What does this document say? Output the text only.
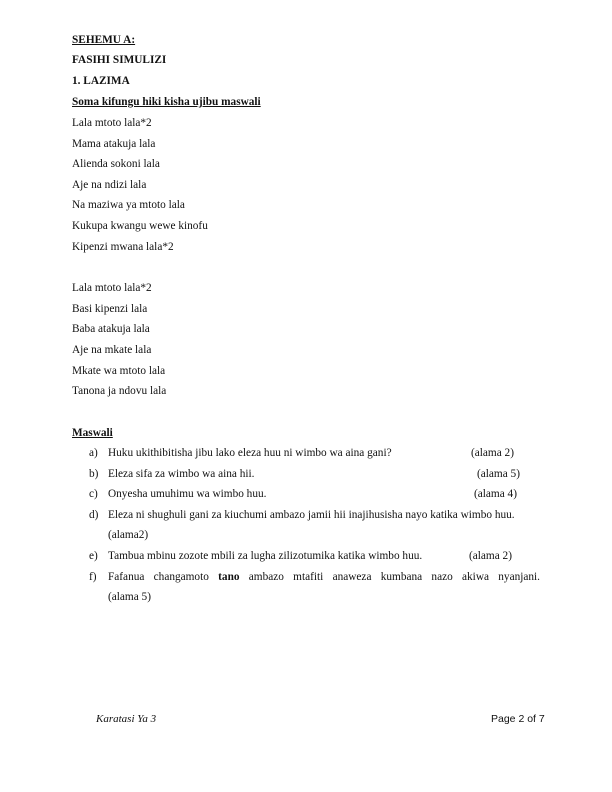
SEHEMU A:
FASIHI SIMULIZI
1. LAZIMA
Soma kifungu hiki kisha ujibu maswali
Lala mtoto lala*2
Mama atakuja lala
Alienda sokoni lala
Aje na ndizi lala
Na maziwa ya mtoto lala
Kukupa kwangu wewe kinofu
Kipenzi mwana lala*2
Lala mtoto lala*2
Basi kipenzi lala
Baba atakuja lala
Aje na mkate lala
Mkate wa mtoto lala
Tanona ja ndovu lala
Maswali
a) Huku ukithibitisha jibu lako eleza huu ni wimbo wa aina gani?	(alama 2)
b) Eleza sifa za wimbo wa aina hii.	(alama 5)
c) Onyesha umuhimu wa wimbo huu.	(alama 4)
d) Eleza ni shughuli gani za kiuchumi ambazo jamii hii inajihusisha nayo katika wimbo huu.
(alama2)
e) Tambua mbinu zozote mbili za lugha zilizotumika katika wimbo huu.	(alama 2)
f) Fafanua changamoto tano ambazo mtafiti anaweza kumbana nazo akiwa nyanjani.
(alama 5)
Karatasi Ya 3	Page 2 of 7
